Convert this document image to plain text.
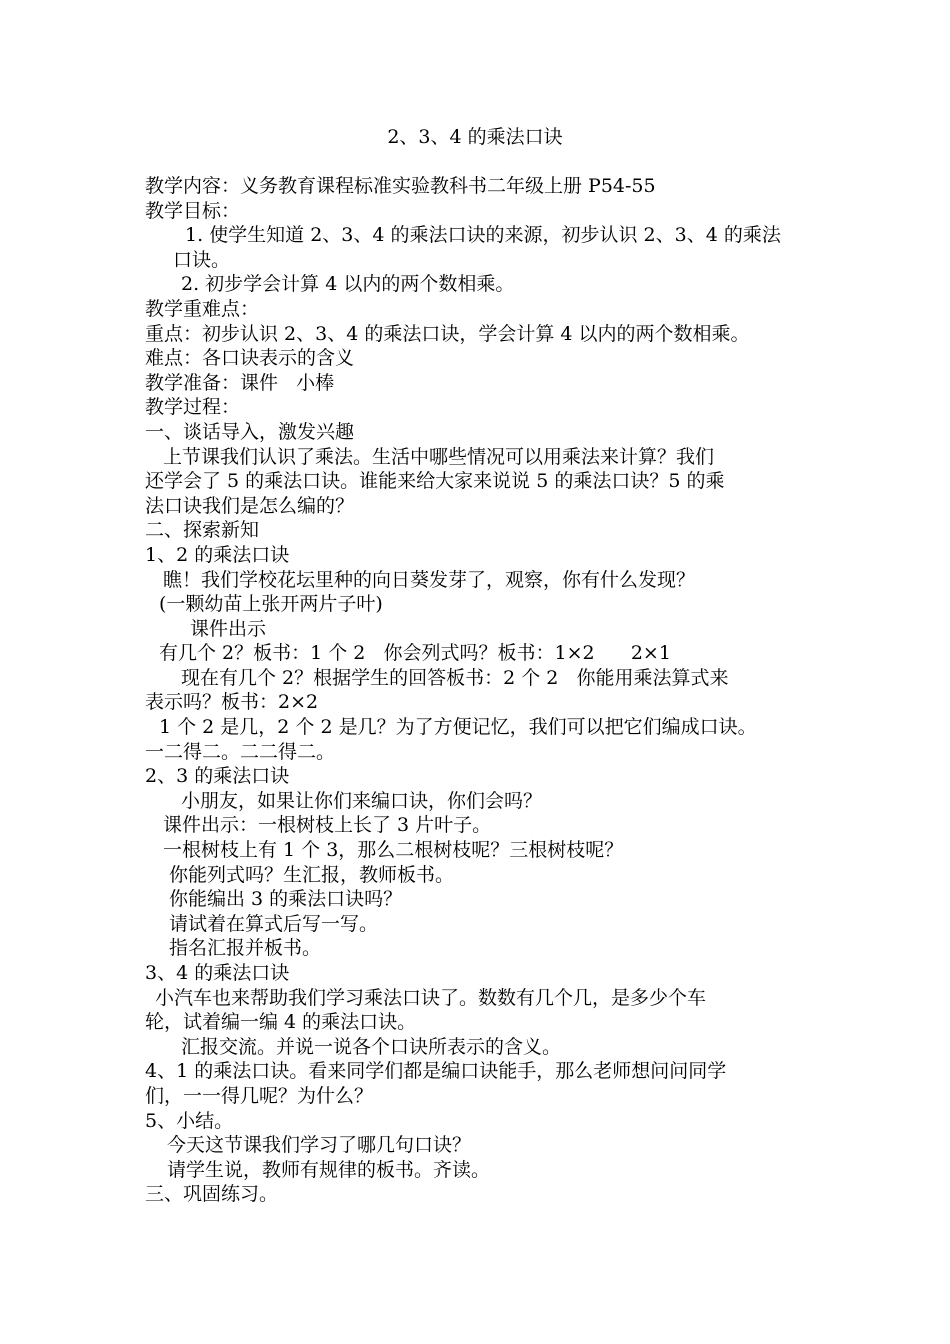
2、3、4 的乘法口诀
教学内容：义务教育课程标准实验教科书二年级上册 P54-55
教学目标：
1. 使学生知道 2、3、4 的乘法口诀的来源，初步认识 2、3、4 的乘法
口诀。
2. 初步学会计算 4 以内的两个数相乘。
教学重难点：
重点：初步认识 2、3、4 的乘法口诀，学会计算 4 以内的两个数相乘。
难点：各口诀表示的含义
教学准备：课件   小棒
教学过程：
一、谈话导入，激发兴趣
上节课我们认识了乘法。生活中哪些情况可以用乘法来计算？我们
还学会了 5 的乘法口诀。谁能来给大家来说说 5 的乘法口诀？5 的乘
法口诀我们是怎么编的？
二、探索新知
1、2 的乘法口诀
瞧！我们学校花坛里种的向日葵发芽了，观察，你有什么发现？
(一颗幼苗上张开两片子叶)
课件出示
有几个 2？板书：1 个 2   你会列式吗？板书：1×2      2×1
现在有几个 2？根据学生的回答板书：2 个 2   你能用乘法算式来
表示吗？板书：2×2
1 个 2 是几，2 个 2 是几？为了方便记忆，我们可以把它们编成口诀。
一二得二。二二得二。
2、3 的乘法口诀
小朋友，如果让你们来编口诀，你们会吗？
课件出示：一根树枝上长了 3 片叶子。
一根树枝上有 1 个 3，那么二根树枝呢？三根树枝呢？
你能列式吗？生汇报，教师板书。
你能编出 3 的乘法口诀吗？
请试着在算式后写一写。
指名汇报并板书。
3、4 的乘法口诀
小汽车也来帮助我们学习乘法口诀了。数数有几个几，是多少个车
轮，试着编一编 4 的乘法口诀。
汇报交流。并说一说各个口诀所表示的含义。
4、1 的乘法口诀。看来同学们都是编口诀能手，那么老师想问问同学
们，一一得几呢？为什么？
5、小结。
今天这节课我们学习了哪几句口诀？
请学生说，教师有规律的板书。齐读。
三、巩固练习。
